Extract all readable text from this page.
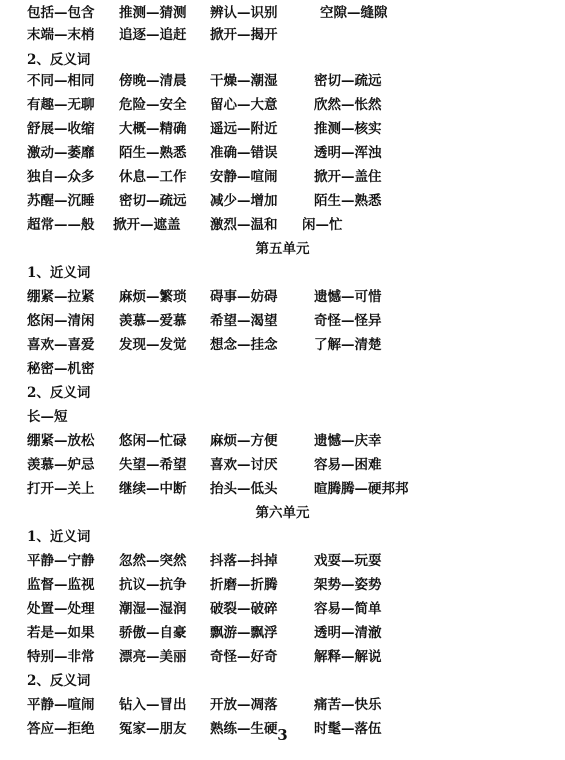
包括—包含 推测—猜测 辨认—识别	空隙—缝隙
末端—末梢 追逐—追赶 掀开—揭开
2、反义词
不同—相同 傍晚—清晨 干燥—潮湿	密切—疏远
有趣—无聊 危险—安全 留心—大意	欣然—怅然
舒展—收缩 大概—精确 遥远—附近	推测—核实
激动—萎靡 陌生—熟悉 准确—错误	透明—浑浊
独自—众多 休息—工作 安静—喧闹	掀开—盖住
苏醒—沉睡 密切—疏远 减少—增加	陌生—熟悉
超常——般 掀开—遮盖 激烈—温和 闲—忙
第五单元
1、近义词
绷紧—拉紧 麻烦—繁琐 碍事—妨碍	遗憾—可惜
悠闲—清闲 羡慕—爱慕 希望—渴望	奇怪—怪异
喜欢—喜爱 发现—发觉 想念—挂念	了解—清楚
秘密—机密
2、反义词
长—短
绷紧—放松 悠闲—忙碌 麻烦—方便	遗憾—庆幸
羡慕—妒忌 失望—希望 喜欢—讨厌	容易—困难
打开—关上 继续—中断 抬头—低头	暄腾腾—硬邦邦
第六单元
1、近义词
平静—宁静 忽然—突然 抖落—抖掉	戏耍—玩耍
监督—监视 抗议—抗争 折磨—折腾	架势—姿势
处置—处理 潮湿—湿润 破裂—破碎	容易—简单
若是—如果 骄傲—自豪 飘游—飘浮	透明—清澈
特别—非常 漂亮—美丽 奇怪—好奇	解释—解说
2、反义词
平静—喧闹 钻入—冒出 开放—凋落	痛苦—快乐
答应—拒绝 冤家—朋友 熟练—生硬	时髦—落伍
3
